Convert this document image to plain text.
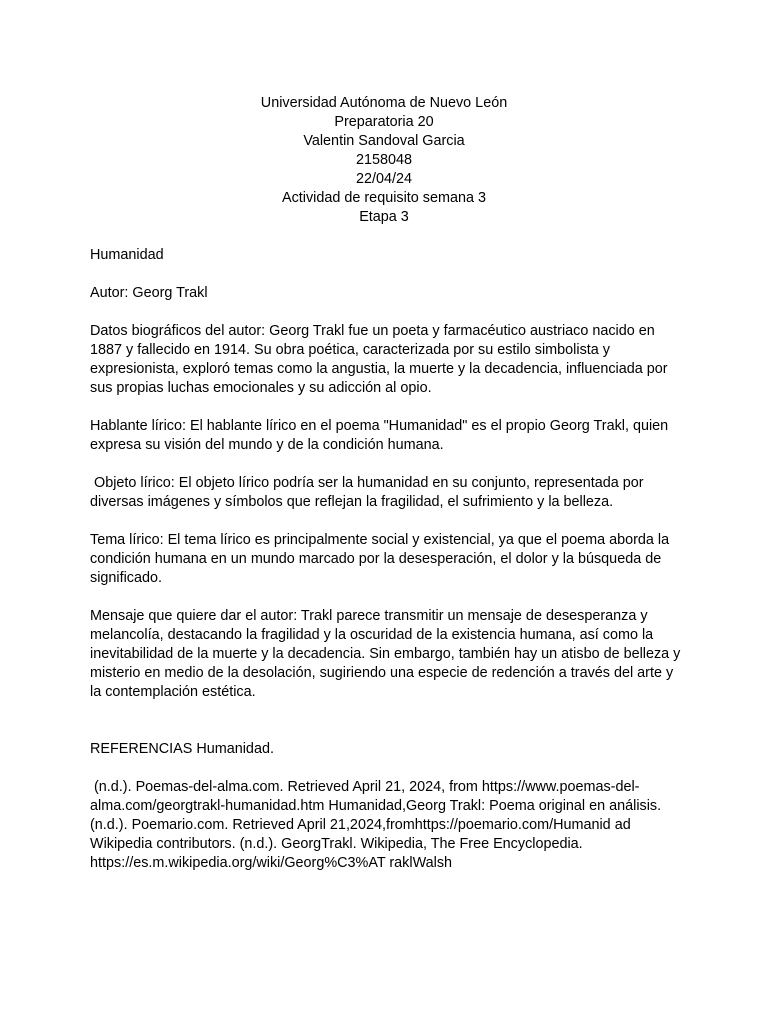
Universidad Autónoma de Nuevo León
Preparatoria 20
Valentin Sandoval Garcia
2158048
22/04/24
Actividad de requisito semana 3
Etapa 3

Humanidad

Autor: Georg Trakl

Datos biográficos del autor: Georg Trakl fue un poeta y farmacéutico austriaco nacido en 1887 y fallecido en 1914. Su obra poética, caracterizada por su estilo simbolista y expresionista, exploró temas como la angustia, la muerte y la decadencia, influenciada por sus propias luchas emocionales y su adicción al opio.

Hablante lírico: El hablante lírico en el poema "Humanidad" es el propio Georg Trakl, quien expresa su visión del mundo y de la condición humana.

Objeto lírico: El objeto lírico podría ser la humanidad en su conjunto, representada por diversas imágenes y símbolos que reflejan la fragilidad, el sufrimiento y la belleza.

Tema lírico: El tema lírico es principalmente social y existencial, ya que el poema aborda la condición humana en un mundo marcado por la desesperación, el dolor y la búsqueda de significado.

Mensaje que quiere dar el autor: Trakl parece transmitir un mensaje de desesperanza y melancolía, destacando la fragilidad y la oscuridad de la existencia humana, así como la inevitabilidad de la muerte y la decadencia. Sin embargo, también hay un atisbo de belleza y misterio en medio de la desolación, sugiriendo una especie de redención a través del arte y la contemplación estética.

REFERENCIAS Humanidad.

(n.d.). Poemas-del-alma.com. Retrieved April 21, 2024, from https://www.poemas-del-
alma.com/georgtrakl-humanidad.htm Humanidad,Georg Trakl: Poema original en análisis.
(n.d.). Poemario.com. Retrieved April 21,2024,fromhttps://poemario.com/Humanid ad
Wikipedia contributors. (n.d.). GeorgTrakl. Wikipedia, The Free Encyclopedia.
https://es.m.wikipedia.org/wiki/Georg%C3%AT raklWalsh
